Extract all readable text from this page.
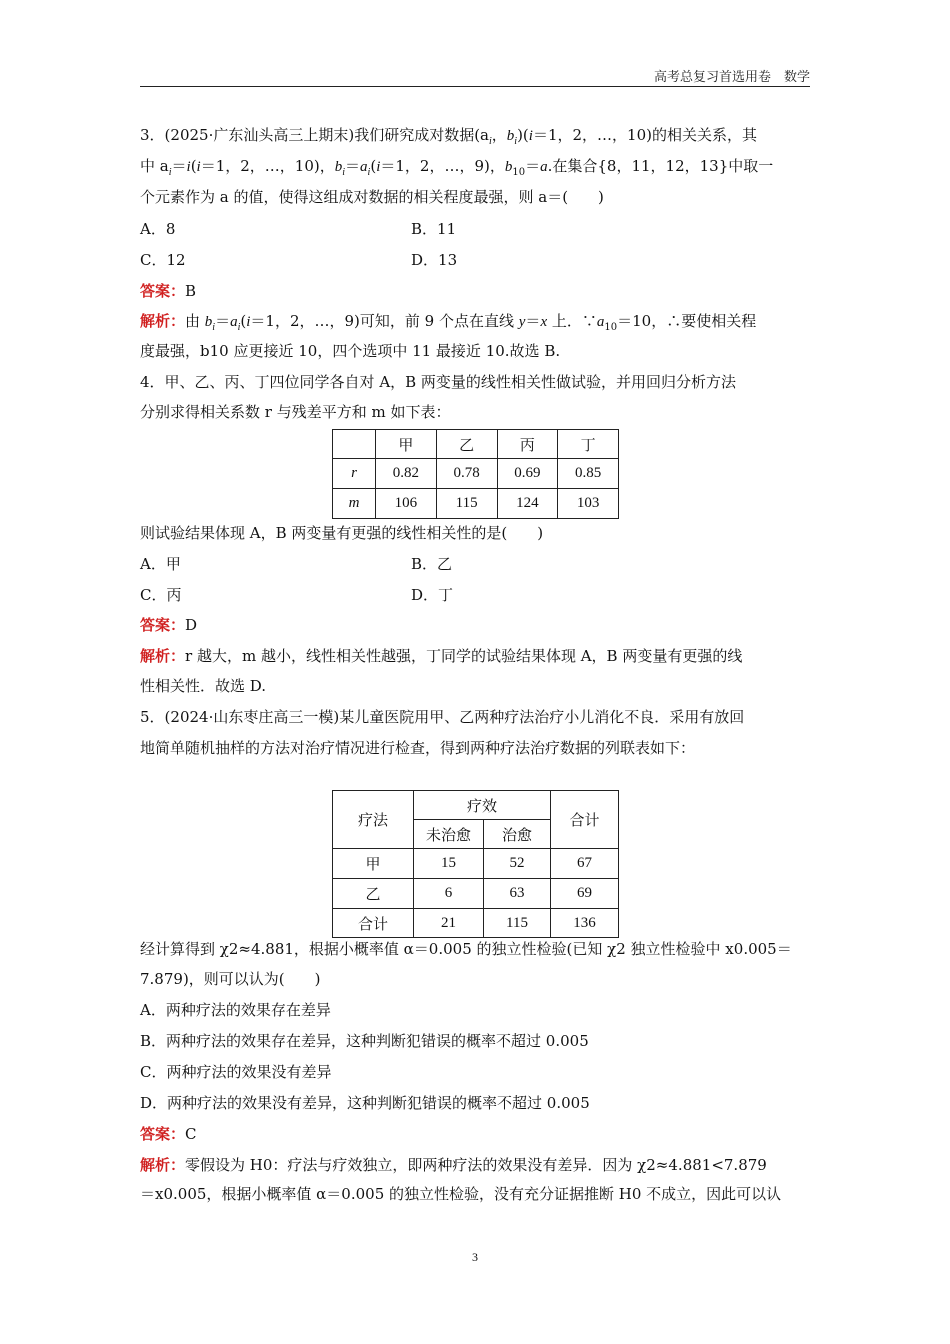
高考总复习首选用卷　数学
3．(2025·广东汕头高三上期末)我们研究成对数据($a_i$，$b_i)(i=1$，2，…，10)的相关关系，其
中 $a_i=i(i=1$，2，…，10)，$b_i=a_i(i=1$，2，…，9)，$b_{10}=a$.在集合{8，11，12，13}中取一
个元素作为 a 的值，使得这组成对数据的相关程度最强，则 a＝(　　)
A．8	B．11
C．12	D．13
答案：B
解析：由 $b_i=a_i(i=1$，2，…，9)可知，前 9 个点在直线 y＝x 上．$\because a_{10}=10$，∴要使相关程
度最强，b10 应更接近 10，四个选项中 11 最接近 10.故选 B.
4．甲、乙、丙、丁四位同学各自对 A，B 两变量的线性相关性做试验，并用回归分析方法
分别求得相关系数 r 与残差平方和 m 如下表：
	甲	乙	丙	丁
r	0.82	0.78	0.69	0.85
m	106	115	124	103
则试验结果体现 A，B 两变量有更强的线性相关性的是(　　)
A．甲	B．乙
C．丙	D．丁
答案：D
解析：r 越大，m 越小，线性相关性越强，丁同学的试验结果体现 A，B 两变量有更强的线
性相关性．故选 D.
5．(2024·山东枣庄高三一模)某儿童医院用甲、乙两种疗法治疗小儿消化不良．采用有放回
地简单随机抽样的方法对治疗情况进行检查，得到两种疗法治疗数据的列联表如下：
疗法	疗效		合计
	未治愈	治愈	
甲	15	52	67
乙	6	63	69
合计	21	115	136
经计算得到 χ2≈4.881，根据小概率值 α＝0.005 的独立性检验(已知 χ2 独立性检验中 x0.005＝
7.879)，则可以认为(　　)
A．两种疗法的效果存在差异
B．两种疗法的效果存在差异，这种判断犯错误的概率不超过 0.005
C．两种疗法的效果没有差异
D．两种疗法的效果没有差异，这种判断犯错误的概率不超过 0.005
答案：C
解析：零假设为 H0：疗法与疗效独立，即两种疗法的效果没有差异．因为 χ2≈4.881<7.879
＝x0.005，根据小概率值 α＝0.005 的独立性检验，没有充分证据推断 H0 不成立，因此可以认
3
